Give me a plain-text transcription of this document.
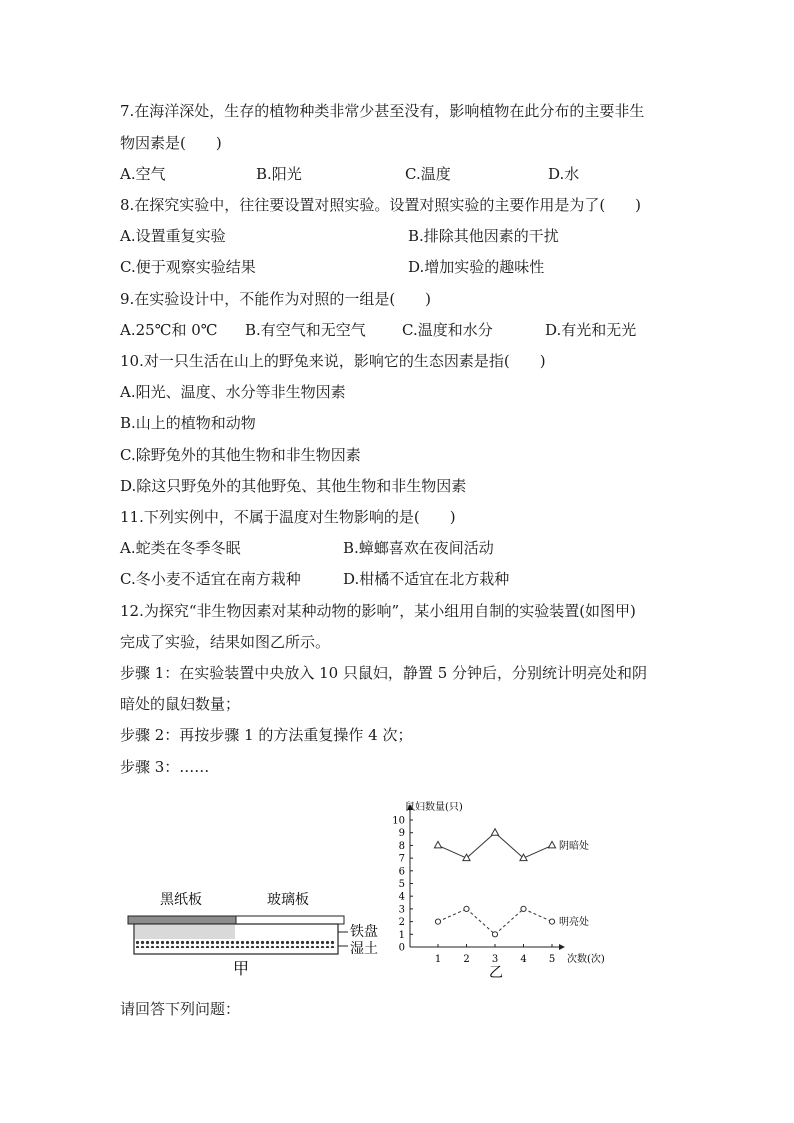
7.在海洋深处，生存的植物种类非常少甚至没有，影响植物在此分布的主要非生
物因素是(　　)
A.空气	B.阳光	C.温度	D.水
8.在探究实验中，往往要设置对照实验。设置对照实验的主要作用是为了(　　)
A.设置重复实验	B.排除其他因素的干扰
C.便于观察实验结果	D.增加实验的趣味性
9.在实验设计中，不能作为对照的一组是(　　)
A.25℃和 0℃ B.有空气和无空气 C.温度和水分	D.有光和无光
10.对一只生活在山上的野兔来说，影响它的生态因素是指(　　)
A.阳光、温度、水分等非生物因素
B.山上的植物和动物
C.除野兔外的其他生物和非生物因素
D.除这只野兔外的其他野兔、其他生物和非生物因素
11.下列实例中，不属于温度对生物影响的是(　　)
A.蛇类在冬季冬眠	B.蟑螂喜欢在夜间活动
C.冬小麦不适宜在南方栽种	D.柑橘不适宜在北方栽种
12.为探究“非生物因素对某种动物的影响”，某小组用自制的实验装置(如图甲)
完成了实验，结果如图乙所示。
步骤 1：在实验装置中央放入 10 只鼠妇，静置 5 分钟后，分别统计明亮处和阴
暗处的鼠妇数量；
步骤 2：再按步骤 1 的方法重复操作 4 次；
步骤 3：……
黑纸板	玻璃板
铁盘
湿土
甲
0
1
2
3
4
5
6
7
8
9
10
1 2 3 4 5
阴暗处
明亮处
鼠妇数量(只)
次数(次)
乙
请回答下列问题：
